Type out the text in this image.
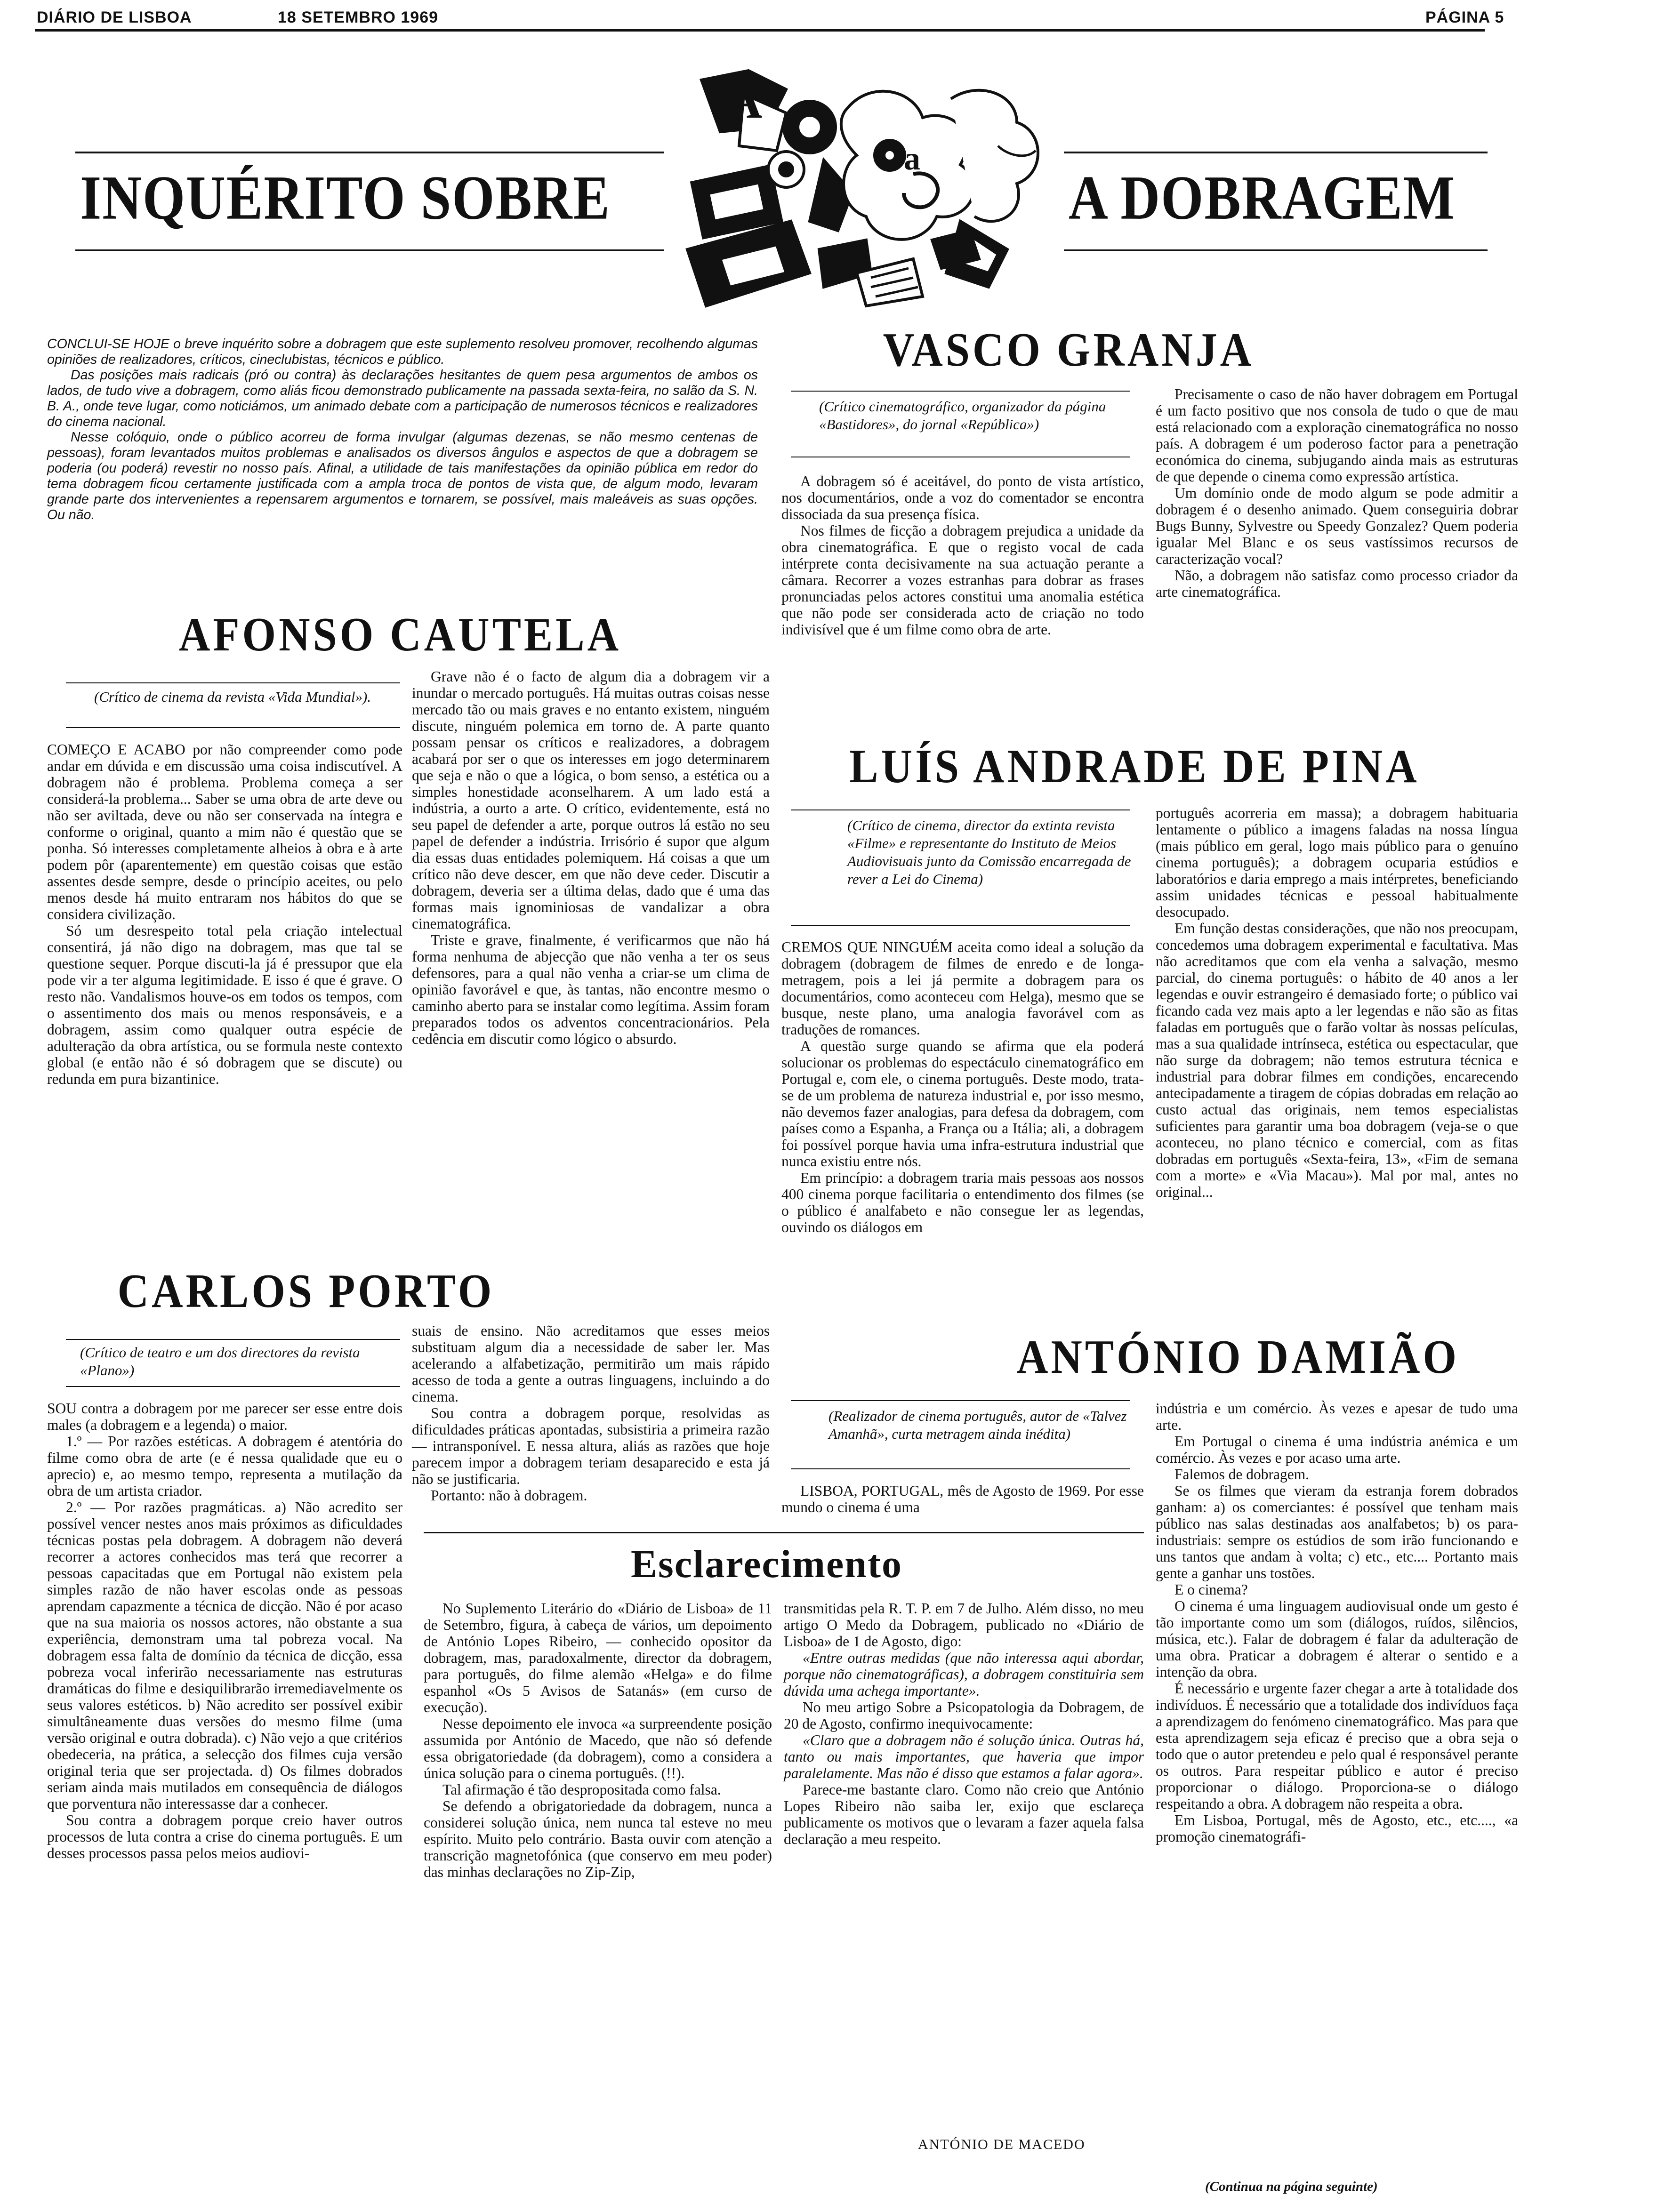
DIÁRIO DE LISBOA	18 SETEMBRO 1969	PÁGINA 5
INQUÉRITO SOBRE	A DOBRAGEM
A
a

CONCLUI-SE HOJE o breve inquérito sobre a dobragem que este suplemento resolveu promover, recolhendo algumas opiniões de realizadores, críticos, cineclubistas, técnicos e público.

Das posições mais radicais (pró ou contra) às declarações hesitantes de quem pesa argumentos de ambos os lados, de tudo vive a dobragem, como aliás ficou demonstrado publicamente na passada sexta-feira, no salão da S. N. B. A., onde teve lugar, como noticiámos, um animado debate com a participação de numerosos técnicos e realizadores do cinema nacional.

Nesse colóquio, onde o público acorreu de forma invulgar (algumas dezenas, se não mesmo centenas de pessoas), foram levantados muitos problemas e analisados os diversos ângulos e aspectos de que a dobragem se poderia (ou poderá) revestir no nosso país. Afinal, a utilidade de tais manifestações da opinião pública em redor do tema dobragem ficou certamente justificada com a ampla troca de pontos de vista que, de algum modo, levaram grande parte dos intervenientes a repensarem argumentos e tornarem, se possível, mais maleáveis as suas opções. Ou não.

AFONSO CAUTELA
(Crítico de cinema da revista «Vida Mundial»).

COMEÇO E ACABO por não compreender como pode andar em dúvida e em discussão uma coisa indiscutível. A dobragem não é problema. Problema começa a ser considerá-la problema... Saber se uma obra de arte deve ou não ser aviltada, deve ou não ser conservada na íntegra e conforme o original, quanto a mim não é questão que se ponha. Só interesses completamente alheios à obra e à arte podem pôr (aparentemente) em questão coisas que estão assentes desde sempre, desde o princípio aceites, ou pelo menos desde há muito entraram nos hábitos do que se considera civilização.

Só um desrespeito total pela criação intelectual consentirá, já não digo na dobragem, mas que tal se questione sequer. Porque discuti-la já é pressupor que ela pode vir a ter alguma legitimidade. E isso é que é grave. O resto não. Vandalismos houve-os em todos os tempos, com o assentimento dos mais ou menos responsáveis, e a dobragem, assim como qualquer outra espécie de adulteração da obra artística, ou se formula neste contexto global (e então não é só dobragem que se discute) ou redunda em pura bizantinice.

Grave não é o facto de algum dia a dobragem vir a inundar o mercado português. Há muitas outras coisas nesse mercado tão ou mais graves e no entanto existem, ninguém discute, ninguém polemica em torno de. A parte quanto possam pensar os críticos e realizadores, a dobragem acabará por ser o que os interesses em jogo determinarem que seja e não o que a lógica, o bom senso, a estética ou a simples honestidade aconselharem. A um lado está a indústria, a ourto a arte. O crítico, evidentemente, está no seu papel de defender a arte, porque outros lá estão no seu papel de defender a indústria. Irrisório é supor que algum dia essas duas entidades polemiquem. Há coisas a que um crítico não deve descer, em que não deve ceder. Discutir a dobragem, deveria ser a última delas, dado que é uma das formas mais ignominiosas de vandalizar a obra cinematográfica.

Triste e grave, finalmente, é verificarmos que não há forma nenhuma de abjecção que não venha a ter os seus defensores, para a qual não venha a criar-se um clima de opinião favorável e que, às tantas, não encontre mesmo o caminho aberto para se instalar como legítima. Assim foram preparados todos os adventos concentracionários. Pela cedência em discutir como lógico o absurdo.

CARLOS PORTO
(Crítico de teatro e um dos directores da revista «Plano»)

SOU contra a dobragem por me parecer ser esse entre dois males (a dobragem e a legenda) o maior.

1.º — Por razões estéticas. A dobragem é atentória do filme como obra de arte (e é nessa qualidade que eu o aprecio) e, ao mesmo tempo, representa a mutilação da obra de um artista criador.

2.º — Por razões pragmáticas. a) Não acredito ser possível vencer nestes anos mais próximos as dificuldades técnicas postas pela dobragem. A dobragem não deverá recorrer a actores conhecidos mas terá que recorrer a pessoas capacitadas que em Portugal não existem pela simples razão de não haver escolas onde as pessoas aprendam capazmente a técnica de dicção. Não é por acaso que na sua maioria os nossos actores, não obstante a sua experiência, demonstram uma tal pobreza vocal. Na dobragem essa falta de domínio da técnica de dicção, essa pobreza vocal inferirão necessariamente nas estruturas dramáticas do filme e desiquilibrarão irremediavelmente os seus valores estéticos. b) Não acredito ser possível exibir simultâneamente duas versões do mesmo filme (uma versão original e outra dobrada). c) Não vejo a que critérios obedeceria, na prática, a selecção dos filmes cuja versão original teria que ser projectada. d) Os filmes dobrados seriam ainda mais mutilados em consequência de diálogos que porventura não interessasse dar a conhecer.

Sou contra a dobragem porque creio haver outros processos de luta contra a crise do cinema português. E um desses processos passa pelos meios audiovi-

suais de ensino. Não acreditamos que esses meios substituam algum dia a necessidade de saber ler. Mas acelerando a alfabetização, permitirão um mais rápido acesso de toda a gente a outras linguagens, incluindo a do cinema.

Sou contra a dobragem porque, resolvidas as dificuldades práticas apontadas, subsistiria a primeira razão — intransponível. E nessa altura, aliás as razões que hoje parecem impor a dobragem teriam desaparecido e esta já não se justificaria.

Portanto: não à dobragem.

VASCO GRANJA
(Crítico cinematográfico, organizador da página «Bastidores», do jornal «República»)

A dobragem só é aceitável, do ponto de vista artístico, nos documentários, onde a voz do comentador se encontra dissociada da sua presença física.

Nos filmes de ficção a dobragem prejudica a unidade da obra cinematográfica. E que o registo vocal de cada intérprete conta decisivamente na sua actuação perante a câmara. Recorrer a vozes estranhas para dobrar as frases pronunciadas pelos actores constitui uma anomalia estética que não pode ser considerada acto de criação no todo indivisível que é um filme como obra de arte.

Precisamente o caso de não haver dobragem em Portugal é um facto positivo que nos consola de tudo o que de mau está relacionado com a exploração cinematográfica no nosso país. A dobragem é um poderoso factor para a penetração económica do cinema, subjugando ainda mais as estruturas de que depende o cinema como expressão artística.

Um domínio onde de modo algum se pode admitir a dobragem é o desenho animado. Quem conseguiria dobrar Bugs Bunny, Sylvestre ou Speedy Gonzalez? Quem poderia igualar Mel Blanc e os seus vastíssimos recursos de caracterização vocal?

Não, a dobragem não satisfaz como processo criador da arte cinematográfica.

LUÍS ANDRADE DE PINA
(Crítico de cinema, director da extinta revista «Filme» e representante do Instituto de Meios Audiovisuais junto da Comissão encarregada de rever a Lei do Cinema)

CREMOS QUE NINGUÉM aceita como ideal a solução da dobragem (dobragem de filmes de enredo e de longa-metragem, pois a lei já permite a dobragem para os documentários, como aconteceu com Helga), mesmo que se busque, neste plano, uma analogia favorável com as traduções de romances.

A questão surge quando se afirma que ela poderá solucionar os problemas do espectáculo cinematográfico em Portugal e, com ele, o cinema português. Deste modo, trata-se de um problema de natureza industrial e, por isso mesmo, não devemos fazer analogias, para defesa da dobragem, com países como a Espanha, a França ou a Itália; ali, a dobragem foi possível porque havia uma infra-estrutura industrial que nunca existiu entre nós.

Em princípio: a dobragem traria mais pessoas aos nossos 400 cinema porque facilitaria o entendimento dos filmes (se o público é analfabeto e não consegue ler as legendas, ouvindo os diálogos em

português acorreria em massa); a dobragem habituaria lentamente o público a imagens faladas na nossa língua (mais público em geral, logo mais público para o genuíno cinema português); a dobragem ocuparia estúdios e laboratórios e daria emprego a mais intérpretes, beneficiando assim unidades técnicas e pessoal habitualmente desocupado.

Em função destas considerações, que não nos preocupam, concedemos uma dobragem experimental e facultativa. Mas não acreditamos que com ela venha a salvação, mesmo parcial, do cinema português: o hábito de 40 anos a ler legendas e ouvir estrangeiro é demasiado forte; o público vai ficando cada vez mais apto a ler legendas e não são as fitas faladas em português que o farão voltar às nossas películas, mas a sua qualidade intrínseca, estética ou espectacular, que não surge da dobragem; não temos estrutura técnica e industrial para dobrar filmes em condições, encarecendo antecipadamente a tiragem de cópias dobradas em relação ao custo actual das originais, nem temos especialistas suficientes para garantir uma boa dobragem (veja-se o que aconteceu, no plano técnico e comercial, com as fitas dobradas em português «Sexta-feira, 13», «Fim de semana com a morte» e «Via Macau»). Mal por mal, antes no original...

ANTÓNIO DAMIÃO
(Realizador de cinema português, autor de «Talvez Amanhã», curta metragem ainda inédita)

LISBOA, PORTUGAL, mês de Agosto de 1969. Por esse mundo o cinema é uma

indústria e um comércio. Às vezes e apesar de tudo uma arte.

Em Portugal o cinema é uma indústria anémica e um comércio. Às vezes e por acaso uma arte.

Falemos de dobragem.

Se os filmes que vieram da estranja forem dobrados ganham: a) os comerciantes: é possível que tenham mais público nas salas destinadas aos analfabetos; b) os para-industriais: sempre os estúdios de som irão funcionando e uns tantos que andam à volta; c) etc., etc.... Portanto mais gente a ganhar uns tostões.

E o cinema?

O cinema é uma linguagem audiovisual onde um gesto é tão importante como um som (diálogos, ruídos, silêncios, música, etc.). Falar de dobragem é falar da adulteração de uma obra. Praticar a dobragem é alterar o sentido e a intenção da obra.

É necessário e urgente fazer chegar a arte à totalidade dos indivíduos. É necessário que a totalidade dos indivíduos faça a aprendizagem do fenómeno cinematográfico. Mas para que esta aprendizagem seja eficaz é preciso que a obra seja o todo que o autor pretendeu e pelo qual é responsável perante os outros. Para respeitar público e autor é preciso proporcionar o diálogo. Proporciona-se o diálogo respeitando a obra. A dobragem não respeita a obra.

Em Lisboa, Portugal, mês de Agosto, etc., etc...., «a promoção cinematográfi-

(Continua na página seguinte)
Esclarecimento

No Suplemento Literário do «Diário de Lisboa» de 11 de Setembro, figura, à cabeça de vários, um depoimento de António Lopes Ribeiro, — conhecido opositor da dobragem, mas, paradoxalmente, director da dobragem, para português, do filme alemão «Helga» e do filme espanhol «Os 5 Avisos de Satanás» (em curso de execução).

Nesse depoimento ele invoca «a surpreendente posição assumida por António de Macedo, que não só defende essa obrigatoriedade (da dobragem), como a considera a única solução para o cinema português. (!!).

Tal afirmação é tão despropositada como falsa.

Se defendo a obrigatoriedade da dobragem, nunca a considerei solução única, nem nunca tal esteve no meu espírito. Muito pelo contrário. Basta ouvir com atenção a transcrição magnetofónica (que conservo em meu poder) das minhas declarações no Zip-Zip,

transmitidas pela R. T. P. em 7 de Julho. Além disso, no meu artigo O Medo da Dobragem, publicado no «Diário de Lisboa» de 1 de Agosto, digo:

«Entre outras medidas (que não interessa aqui abordar, porque não cinematográficas), a dobragem constituiria sem dúvida uma achega importante».

No meu artigo Sobre a Psicopatologia da Dobragem, de 20 de Agosto, confirmo inequivocamente:

«Claro que a dobragem não é solução única. Outras há, tanto ou mais importantes, que haveria que impor paralelamente. Mas não é disso que estamos a falar agora».

Parece-me bastante claro. Como não creio que António Lopes Ribeiro não saiba ler, exijo que esclareça publicamente os motivos que o levaram a fazer aquela falsa declaração a meu respeito.

ANTÓNIO DE MACEDO
